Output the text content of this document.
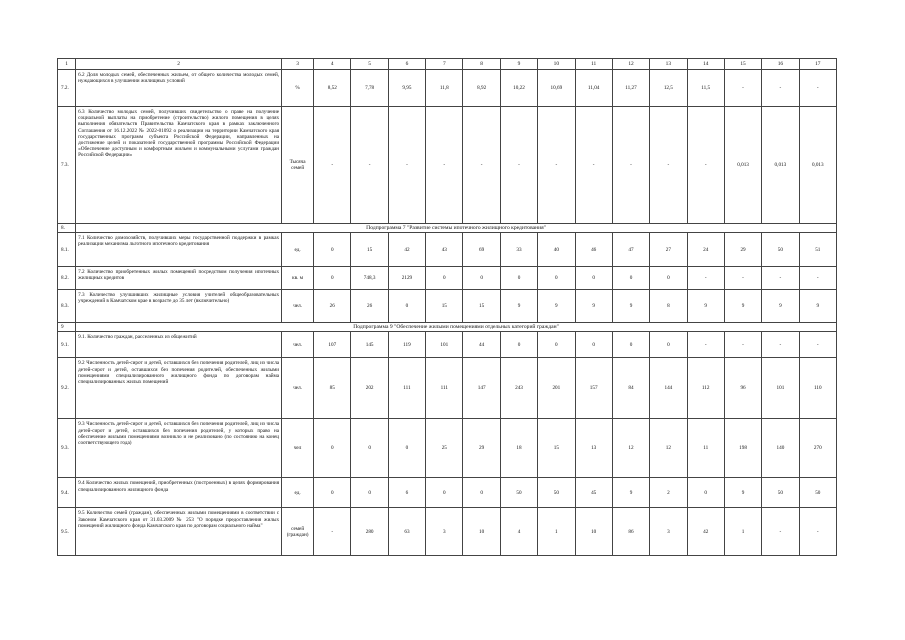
1	2	3	4	5	6	7	8	9	10	11	12	13	14	15	16	17
7.2.	6.2 Доля молодых семей, обеспеченных жильем, от общего количества молодых семей, нуждающихся в улучшении жилищных условий	%	8,52	7,78	9,95	11,8	8,92	10,22	10,69	11,04	11,27	12,5	11,5	-	-	-
7.3.	6.3 Количество молодых семей, получивших свидетельство о праве на получение социальной выплаты на приобретение (строительство) жилого помещения в целях выполнения обязательств Правительства Камчатского края в рамках заключенного Соглашения от 16.12.2022 № 2022-01092 о реализации на территории Камчатского края государственных программ субъекта Российской Федерации, направленных на достижение целей и показателей государственной программы Российской Федерации «Обеспечение доступным и комфортным жильем и коммунальными услугами граждан Российской Федерации»	Тысяча семей	-	-	-	-	-	-	-	-	-	-	-	0,013	0,013	0,013
8.	Подпрограмма 7 "Развитие системы ипотечного жилищного кредитования"															
8.1.	7.1 Количество домохозяйств, получивших меры государственной поддержки в рамках реализации механизма льготного ипотечного кредитования	ед.	0	15	42	43	69	33	40	46	47	27	24	29	50	51
8.2.	7.2 Количество приобретенных жилых помещений посредством получения ипотечных жилищных кредитов	кв. м	0	748,3	2129	0	0	0	0	0	0	0	-	-	-	-
8.3.	7.3 Количество улучшивших жилищные условия учителей общеобразовательных учреждений в Камчатском крае в возрасте до 35 лет (включительно)	чел.	26	26	0	15	15	9	9	9	9	8	9	9	9	9
9	Подпрограмма 9 "Обеспечение жилыми помещениями отдельных категорий граждан"															
9.1.	9.1. Количество граждан, расселенных из общежитий	чел.	107	145	119	101	44	0	0	0	0	0	-	-	-	-
9.2.	9.2 Численность детей-сирот и детей, оставшихся без попечения родителей, лиц из числа детей-сирот и детей, оставшихся без попечения родителей, обеспеченных жилыми помещениями специализированного жилищного фонда по договорам найма специализированных жилых помещений	чел.	85	202	111	111	147	243	201	157	84	144	112	96	101	110
9.3.	9.3 Численность детей-сирот и детей, оставшихся без попечения родителей, лиц из числа детей-сирот и детей, оставшихся без попечения родителей, у которых право на обеспечение жилыми помещениями возникло и не реализовано (по состоянию на конец соответствующего года)	чел	0	0	0	25	29	18	15	13	12	12	11	198	140	270
9.4.	9.4 Количество жилых помещений, приобретенных (построенных) в целях формирования специализированного жилищного фонда	ед.	0	0	6	0	0	50	50	45	9	2	0	9	50	50
9.5.	9.5 Количество семей (граждан), обеспеченных жилыми помещениями в соответствии с Законом Камчатского края от 31.03.2009 № 253 "О порядке предоставления жилых помещений жилищного фонда Камчатского края по договорам социального найма"	семей (граждан)	-	280	63	3	10	4	1	10	86	3	42	1	-	-
